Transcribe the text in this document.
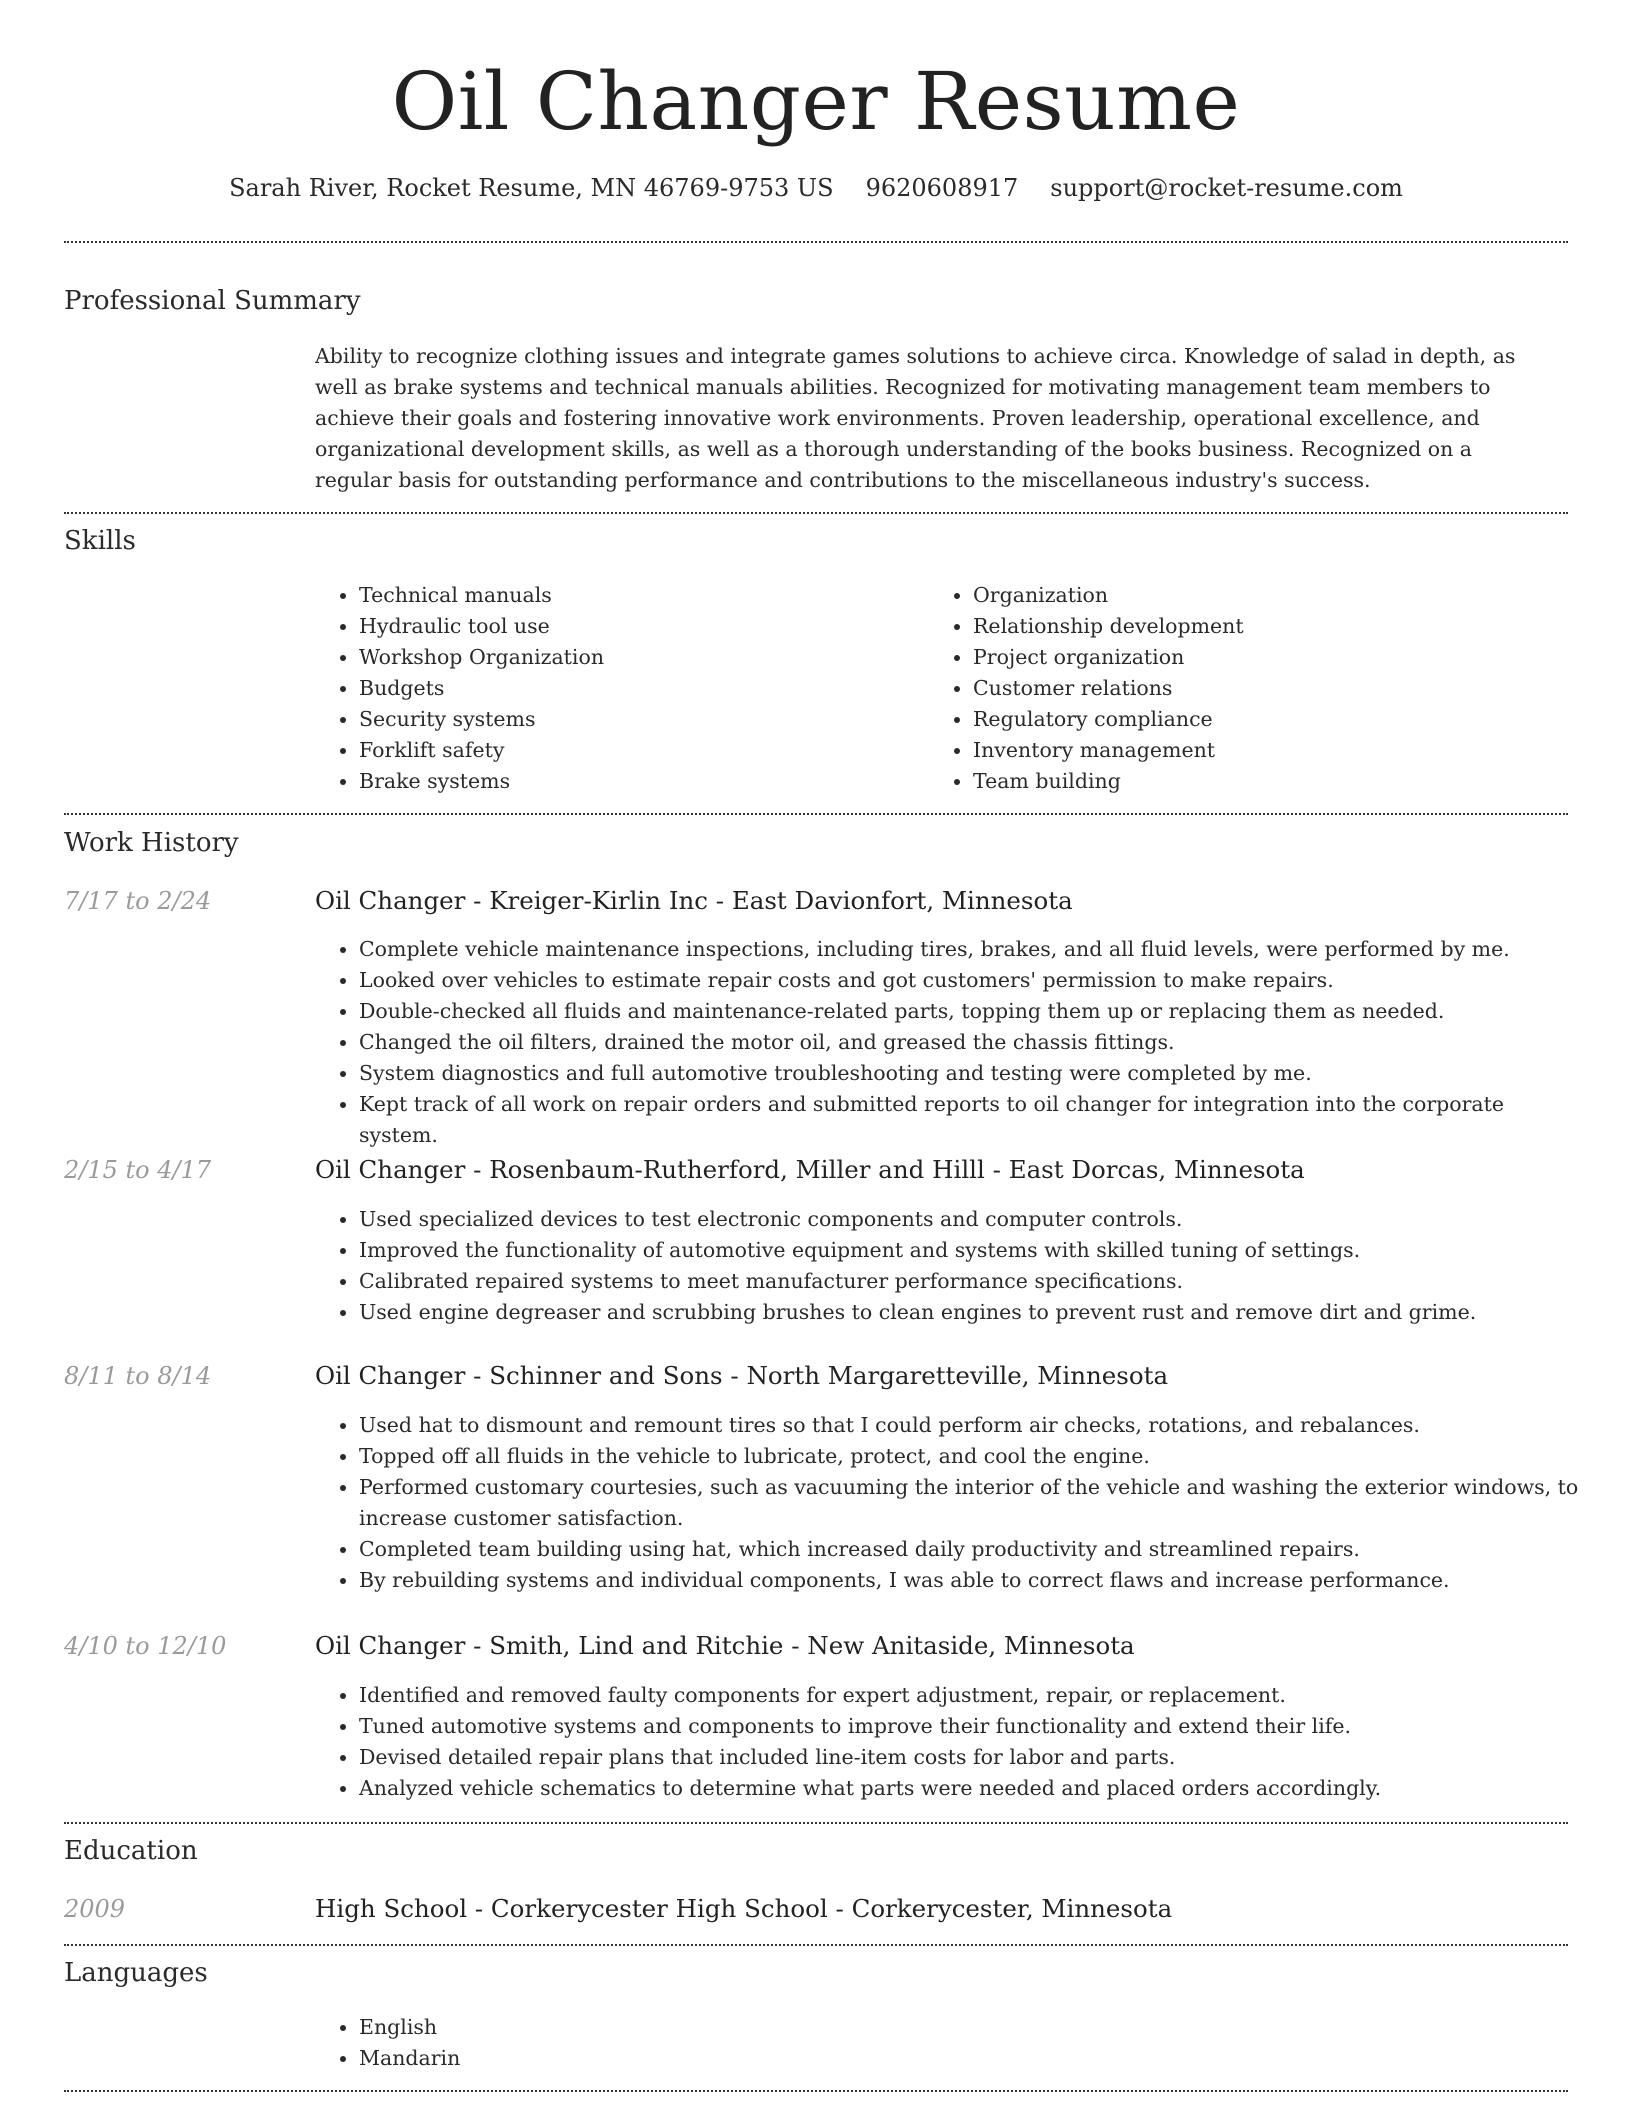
Oil Changer Resume
Sarah River, Rocket Resume, MN 46769-9753 US 9620608917 support@rocket-resume.com
Professional Summary

Ability to recognize clothing issues and integrate games solutions to achieve circa. Knowledge of salad in depth, as well as brake systems and technical manuals abilities. Recognized for motivating management team members to achieve their goals and fostering innovative work environments. Proven leadership, operational excellence, and organizational development skills, as well as a thorough understanding of the books business. Recognized on a regular basis for outstanding performance and contributions to the miscellaneous industry's success.

Skills
• Technical manuals
• Hydraulic tool use
• Workshop Organization
• Budgets
• Security systems
• Forklift safety
• Brake systems
• Organization
• Relationship development
• Project organization
• Customer relations
• Regulatory compliance
• Inventory management
• Team building
Work History
7/17 to 2/24	Oil Changer - Kreiger-Kirlin Inc - East Davionfort, Minnesota
• Complete vehicle maintenance inspections, including tires, brakes, and all fluid levels, were performed by me.
• Looked over vehicles to estimate repair costs and got customers' permission to make repairs.
• Double-checked all fluids and maintenance-related parts, topping them up or replacing them as needed.
• Changed the oil filters, drained the motor oil, and greased the chassis fittings.
• System diagnostics and full automotive troubleshooting and testing were completed by me.
• Kept track of all work on repair orders and submitted reports to oil changer for integration into the corporate system.
2/15 to 4/17	Oil Changer - Rosenbaum-Rutherford, Miller and Hilll - East Dorcas, Minnesota
• Used specialized devices to test electronic components and computer controls.
• Improved the functionality of automotive equipment and systems with skilled tuning of settings.
• Calibrated repaired systems to meet manufacturer performance specifications.
• Used engine degreaser and scrubbing brushes to clean engines to prevent rust and remove dirt and grime.
8/11 to 8/14	Oil Changer - Schinner and Sons - North Margaretteville, Minnesota
• Used hat to dismount and remount tires so that I could perform air checks, rotations, and rebalances.
• Topped off all fluids in the vehicle to lubricate, protect, and cool the engine.
• Performed customary courtesies, such as vacuuming the interior of the vehicle and washing the exterior windows, to increase customer satisfaction.
• Completed team building using hat, which increased daily productivity and streamlined repairs.
• By rebuilding systems and individual components, I was able to correct flaws and increase performance.
4/10 to 12/10	Oil Changer - Smith, Lind and Ritchie - New Anitaside, Minnesota
• Identified and removed faulty components for expert adjustment, repair, or replacement.
• Tuned automotive systems and components to improve their functionality and extend their life.
• Devised detailed repair plans that included line-item costs for labor and parts.
• Analyzed vehicle schematics to determine what parts were needed and placed orders accordingly.
Education
2009	High School - Corkerycester High School - Corkerycester, Minnesota
Languages
• English
• Mandarin
